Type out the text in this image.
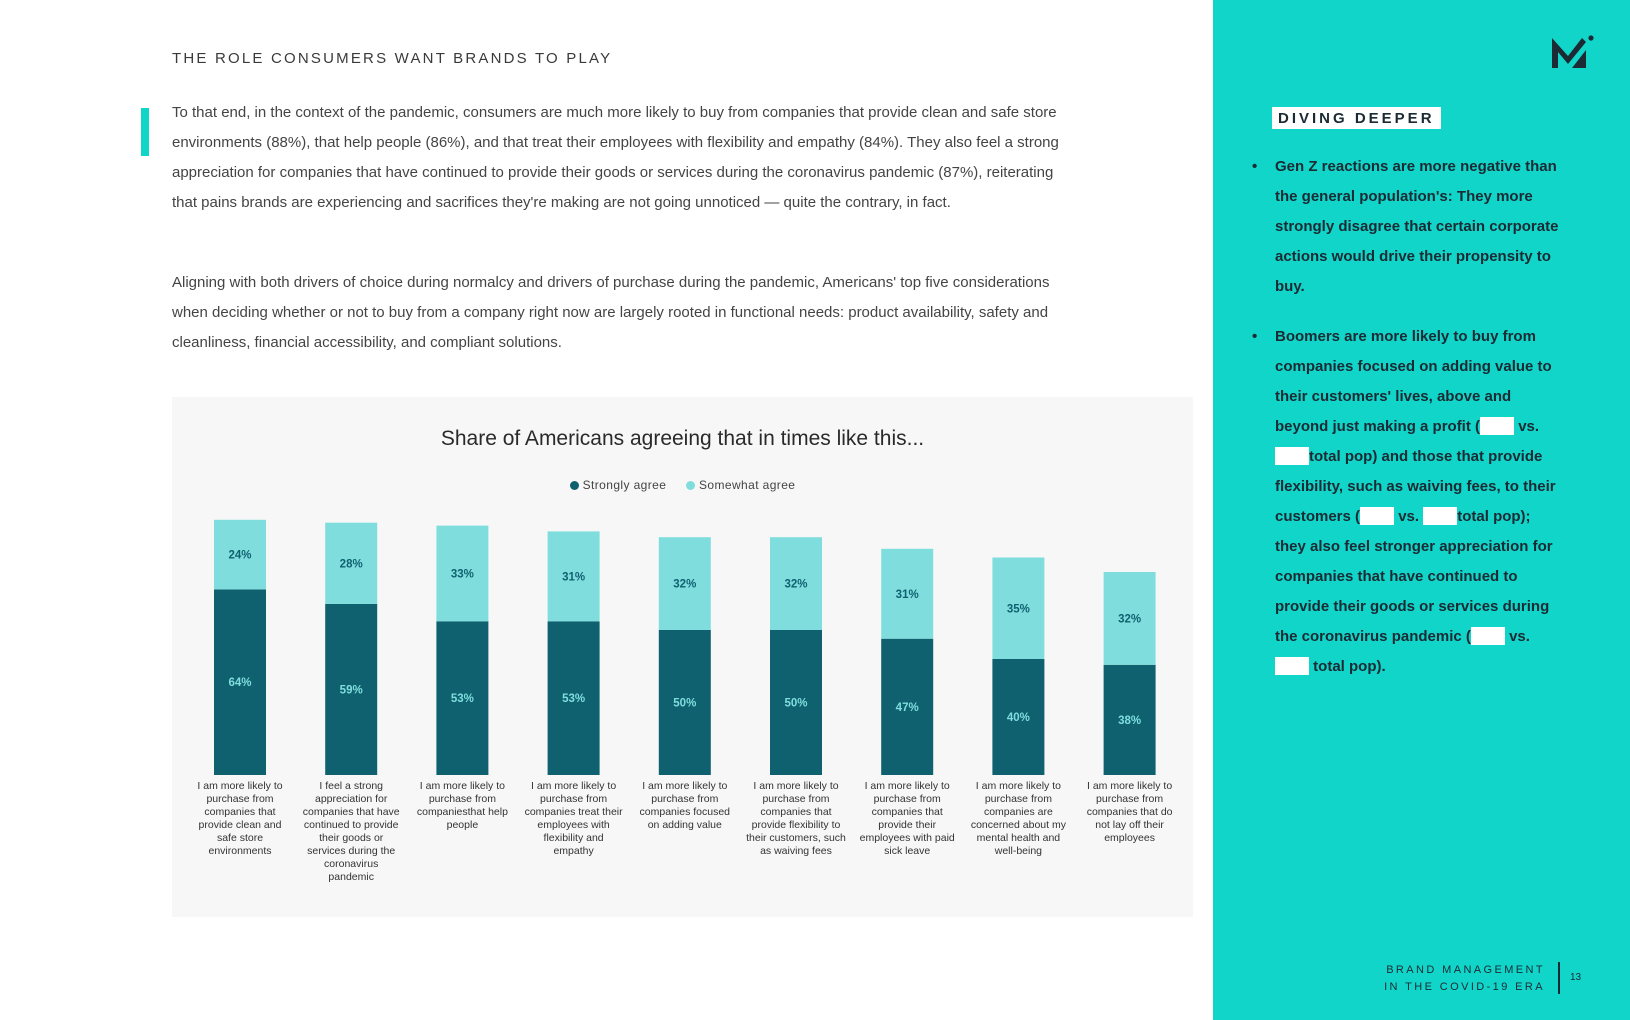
THE ROLE CONSUMERS WANT BRANDS TO PLAY
To that end, in the context of the pandemic, consumers are much more likely to buy from companies that provide clean and safe store environments (88%), that help people (86%), and that treat their employees with flexibility and empathy (84%). They also feel a strong appreciation for companies that have continued to provide their goods or services during the coronavirus pandemic (87%), reiterating that pains brands are experiencing and sacrifices they're making are not going unnoticed — quite the contrary, in fact.
Aligning with both drivers of choice during normalcy and drivers of purchase during the pandemic, Americans' top five considerations when deciding whether or not to buy from a company right now are largely rooted in functional needs: product availability, safety and cleanliness, financial accessibility, and compliant solutions.
64%
24%
59%
28%
53%
33%
53%
31%
50%
32%
50%
32%
47%
31%
40%
35%
38%
32%
Share of Americans agreeing that in times like this...
Strongly agree	Somewhat agree
I am more likely to purchase from companies that provide clean and safe store environments
I feel a strong appreciation for companies that have continued to provide their goods or services during the coronavirus pandemic
I am more likely to purchase from companiesthat help people
I am more likely to purchase from companies treat their employees with flexibility and empathy
I am more likely to purchase from companies focused on adding value
I am more likely to purchase from companies that provide flexibility to their customers, such as waiving fees
I am more likely to purchase from companies that provide their employees with paid sick leave
I am more likely to purchase from companies are concerned about my mental health and well-being
I am more likely to purchase from companies that do not lay off their employees
DIVING DEEPER
• Gen Z reactions are more negative than the general population's: They more strongly disagree that certain corporate actions would drive their propensity to buy.
• Boomers are more likely to buy from companies focused on adding value to their customers' lives, above and beyond just making a profit (	vs. total pop) and those that provide flexibility, such as waiving fees, to their customers (	vs.	total pop); they also feel stronger appreciation for companies that have continued to provide their goods or services during the coronavirus pandemic (	vs.  total pop).
BRAND MANAGEMENT
IN THE COVID-19 ERA
13
